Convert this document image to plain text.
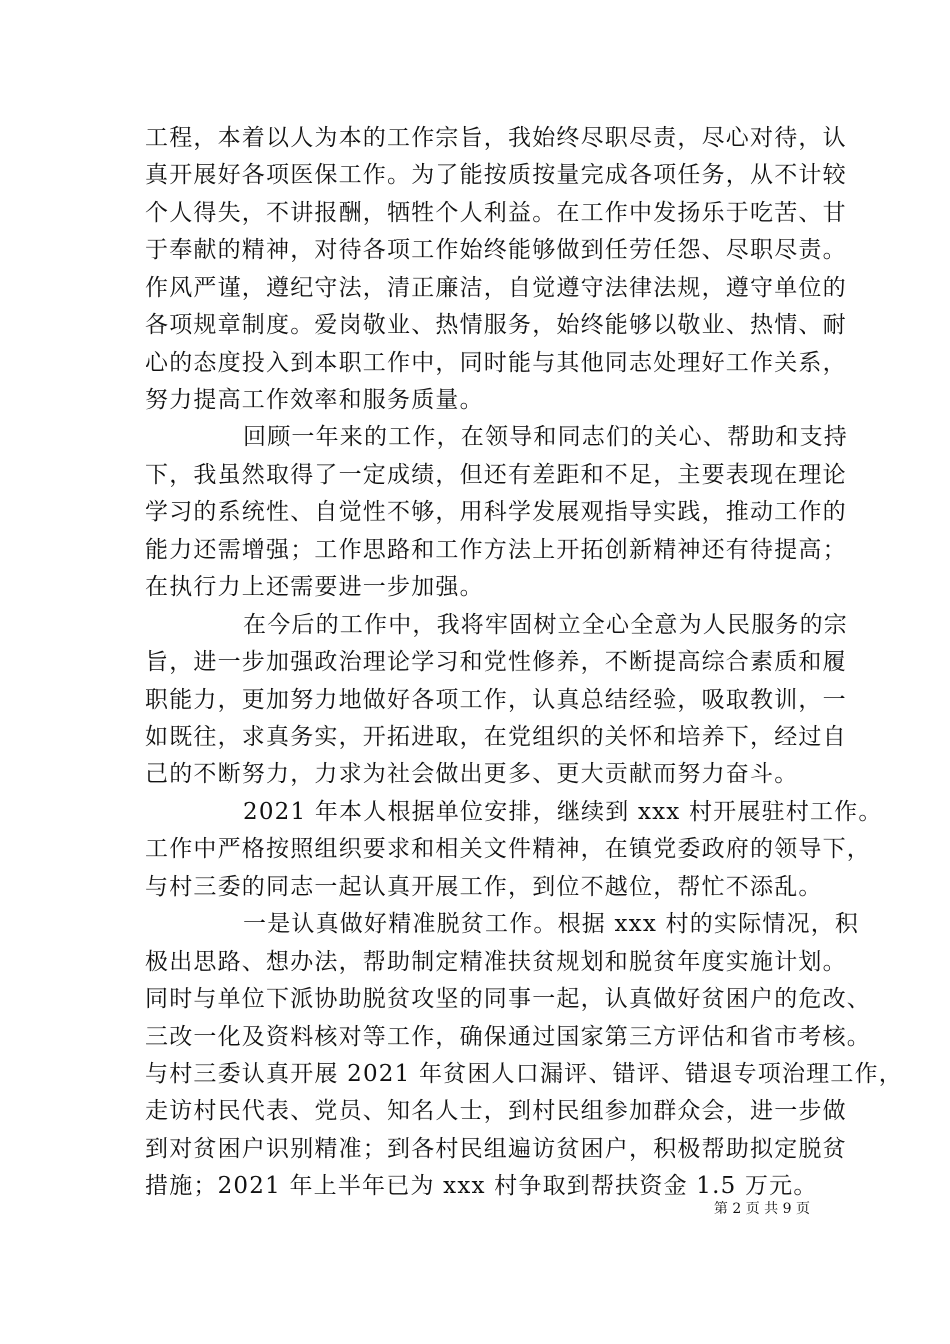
工程，本着以人为本的工作宗旨，我始终尽职尽责，尽心对待，认
真开展好各项医保工作。为了能按质按量完成各项任务，从不计较
个人得失，不讲报酬，牺牲个人利益。在工作中发扬乐于吃苦、甘
于奉献的精神，对待各项工作始终能够做到任劳任怨、尽职尽责。
作风严谨，遵纪守法，清正廉洁，自觉遵守法律法规，遵守单位的
各项规章制度。爱岗敬业、热情服务，始终能够以敬业、热情、耐
心的态度投入到本职工作中，同时能与其他同志处理好工作关系，
努力提高工作效率和服务质量。
回顾一年来的工作，在领导和同志们的关心、帮助和支持
下，我虽然取得了一定成绩，但还有差距和不足，主要表现在理论
学习的系统性、自觉性不够，用科学发展观指导实践，推动工作的
能力还需增强；工作思路和工作方法上开拓创新精神还有待提高；
在执行力上还需要进一步加强。
在今后的工作中，我将牢固树立全心全意为人民服务的宗
旨，进一步加强政治理论学习和党性修养，不断提高综合素质和履
职能力，更加努力地做好各项工作，认真总结经验，吸取教训，一
如既往，求真务实，开拓进取，在党组织的关怀和培养下，经过自
己的不断努力，力求为社会做出更多、更大贡献而努力奋斗。
2021 年本人根据单位安排，继续到 xxx 村开展驻村工作。
工作中严格按照组织要求和相关文件精神，在镇党委政府的领导下，
与村三委的同志一起认真开展工作，到位不越位，帮忙不添乱。
一是认真做好精准脱贫工作。根据 xxx 村的实际情况，积
极出思路、想办法，帮助制定精准扶贫规划和脱贫年度实施计划。
同时与单位下派协助脱贫攻坚的同事一起，认真做好贫困户的危改、
三改一化及资料核对等工作，确保通过国家第三方评估和省市考核。
与村三委认真开展 2021 年贫困人口漏评、错评、错退专项治理工作，
走访村民代表、党员、知名人士，到村民组参加群众会，进一步做
到对贫困户识别精准；到各村民组遍访贫困户，积极帮助拟定脱贫
措施；2021 年上半年已为 xxx 村争取到帮扶资金 1.5 万元。
第 2 页 共 9 页
